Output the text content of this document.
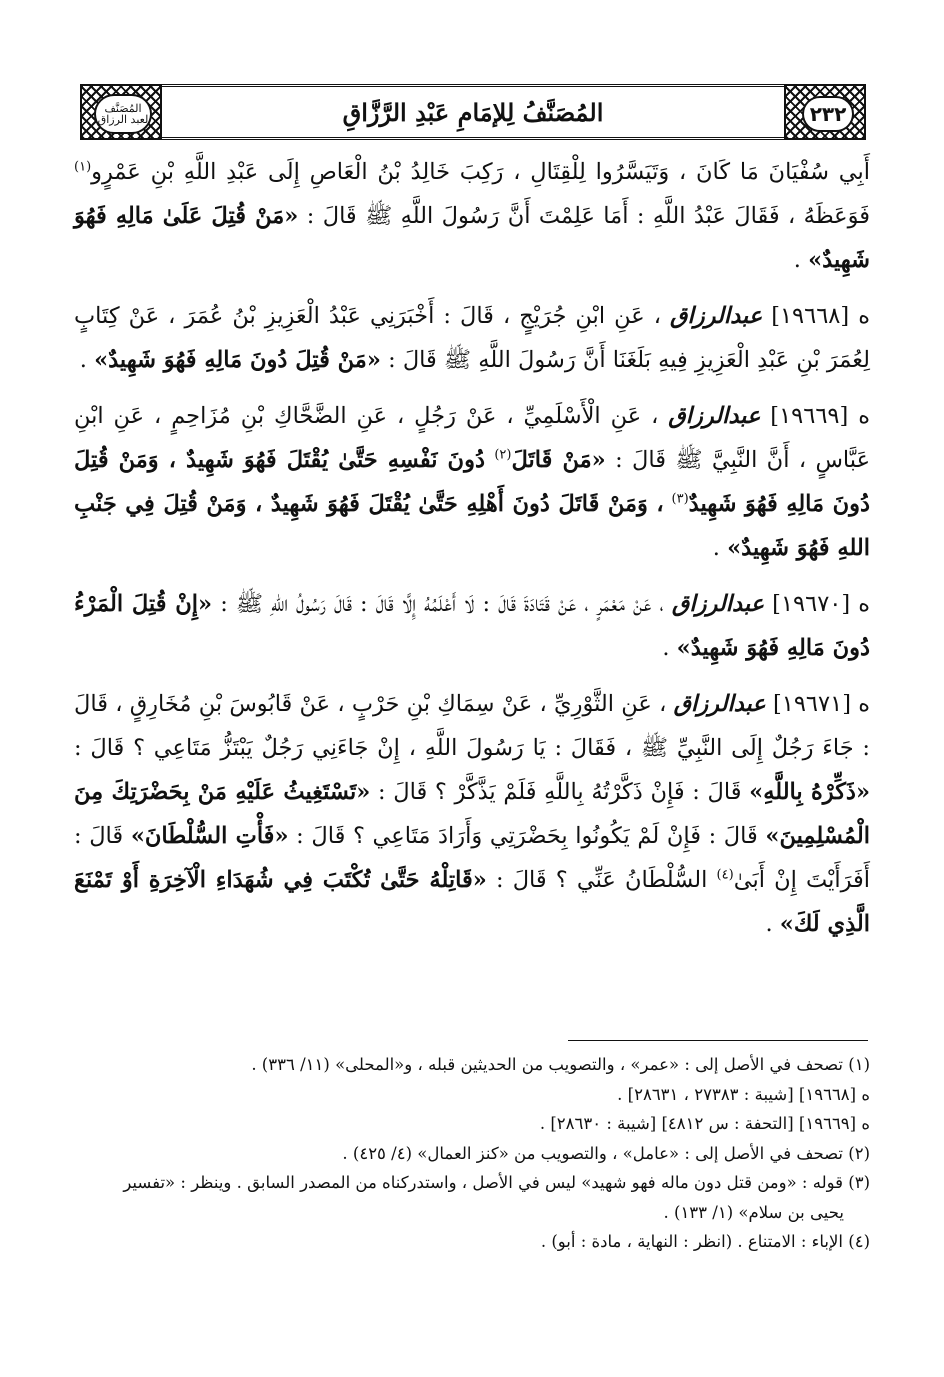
المُصَنَّف لعبد الرزاق	المُصَنَّفُ لِلإمَامِ عَبْدِ الرَّزَّاقِ	٢٣٢

أَبِي سُفْيَانَ مَا كَانَ ، وَتَيَسَّرُوا لِلْقِتَالِ ، رَكِبَ خَالِدُ بْنُ الْعَاصِ إِلَى عَبْدِ اللَّهِ بْنِ عَمْرٍو$^{(١)}$ فَوَعَظَهُ ، فَقَالَ عَبْدُ اللَّهِ : أَمَا عَلِمْتَ أَنَّ رَسُولَ اللَّهِ ﷺ قَالَ : «مَنْ قُتِلَ عَلَىٰ مَالِهِ فَهُوَ شَهِيدٌ» .

ه [١٩٦٦٨] عبدالرزاق ، عَنِ ابْنِ جُرَيْجٍ ، قَالَ : أَخْبَرَنِي عَبْدُ الْعَزِيزِ بْنُ عُمَرَ ، عَنْ كِتَابٍ لِعُمَرَ بْنِ عَبْدِ الْعَزِيزِ فِيهِ بَلَغَنَا أَنَّ رَسُولَ اللَّهِ ﷺ قَالَ : «مَنْ قُتِلَ دُونَ مَالِهِ فَهُوَ شَهِيدٌ» .

ه [١٩٦٦٩] عبدالرزاق ، عَنِ الْأَسْلَمِيِّ ، عَنْ رَجُلٍ ، عَنِ الضَّحَّاكِ بْنِ مُزَاحِمٍ ، عَنِ ابْنِ عَبَّاسٍ ، أَنَّ النَّبِيَّ ﷺ قَالَ : «مَنْ قَاتَلَ$^{(٢)}$ دُونَ نَفْسِهِ حَتَّىٰ يُقْتَلَ فَهُوَ شَهِيدٌ ، وَمَنْ قُتِلَ دُونَ مَالِهِ فَهُوَ شَهِيدٌ$^{(٣)}$ ، وَمَنْ قَاتَلَ دُونَ أَهْلِهِ حَتَّىٰ يُقْتَلَ فَهُوَ شَهِيدٌ ، وَمَنْ قُتِلَ فِي جَنْبِ اللهِ فَهُوَ شَهِيدٌ» .

ه [١٩٦٧٠] عبدالرزاق ، عَنْ مَعْمَرٍ ، عَنْ قَتَادَةَ قَالَ : لَا أَعْلَمُهُ إِلَّا قَالَ : قَالَ رَسُولُ اللهِ ﷺ : «إِنْ قُتِلَ الْمَرْءُ دُونَ مَالِهِ فَهُوَ شَهِيدٌ» .

ه [١٩٦٧١] عبدالرزاق ، عَنِ الثَّوْرِيِّ ، عَنْ سِمَاكِ بْنِ حَرْبٍ ، عَنْ قَابُوسَ بْنِ مُخَارِقٍ ، قَالَ : جَاءَ رَجُلٌ إِلَى النَّبِيِّ ﷺ ، فَقَالَ : يَا رَسُولَ اللَّهِ ، إِنْ جَاءَنِي رَجُلٌ يَبْتَزُّ مَتَاعِي ؟ قَالَ : «ذَكِّرْهُ بِاللَّهِ» قَالَ : فَإِنْ ذَكَّرْتُهُ بِاللَّهِ فَلَمْ يَذَّكَّرْ ؟ قَالَ : «تَسْتَغِيثُ عَلَيْهِ مَنْ بِحَضْرَتِكَ مِنَ الْمُسْلِمِينَ» قَالَ : فَإِنْ لَمْ يَكُونُوا بِحَضْرَتِي وَأَرَادَ مَتَاعِي ؟ قَالَ : «فَأْتِ السُّلْطَانَ» قَالَ : أَفَرَأَيْتَ إِنْ أَبَىٰ$^{(٤)}$ السُّلْطَانُ عَنِّي ؟ قَالَ : «قَاتِلْهُ حَتَّىٰ تُكْتَبَ فِي شُهَدَاءِ الْآخِرَةِ أَوْ تَمْنَعَ الَّذِي لَكَ» .

(١) تصحف في الأصل إلى : «عمر» ، والتصويب من الحديثين قبله ، و«المحلى» (١١/ ٣٣٦) .

ه [١٩٦٦٨] [شيبة : ٢٧٣٨٣ ، ٢٨٦٣١] .

ه [١٩٦٦٩] [التحفة : س ٤٨١٢] [شيبة : ٢٨٦٣٠] .

(٢) تصحف في الأصل إلى : «عامل» ، والتصويب من «كنز العمال» (٤/ ٤٢٥) .

(٣) قوله : «ومن قتل دون ماله فهو شهيد» ليس في الأصل ، واستدركناه من المصدر السابق . وينظر : «تفسير
يحيى بن سلام» (١/ ١٣٣) .

(٤) الإباء : الامتناع . (انظر : النهاية ، مادة : أبو) .
